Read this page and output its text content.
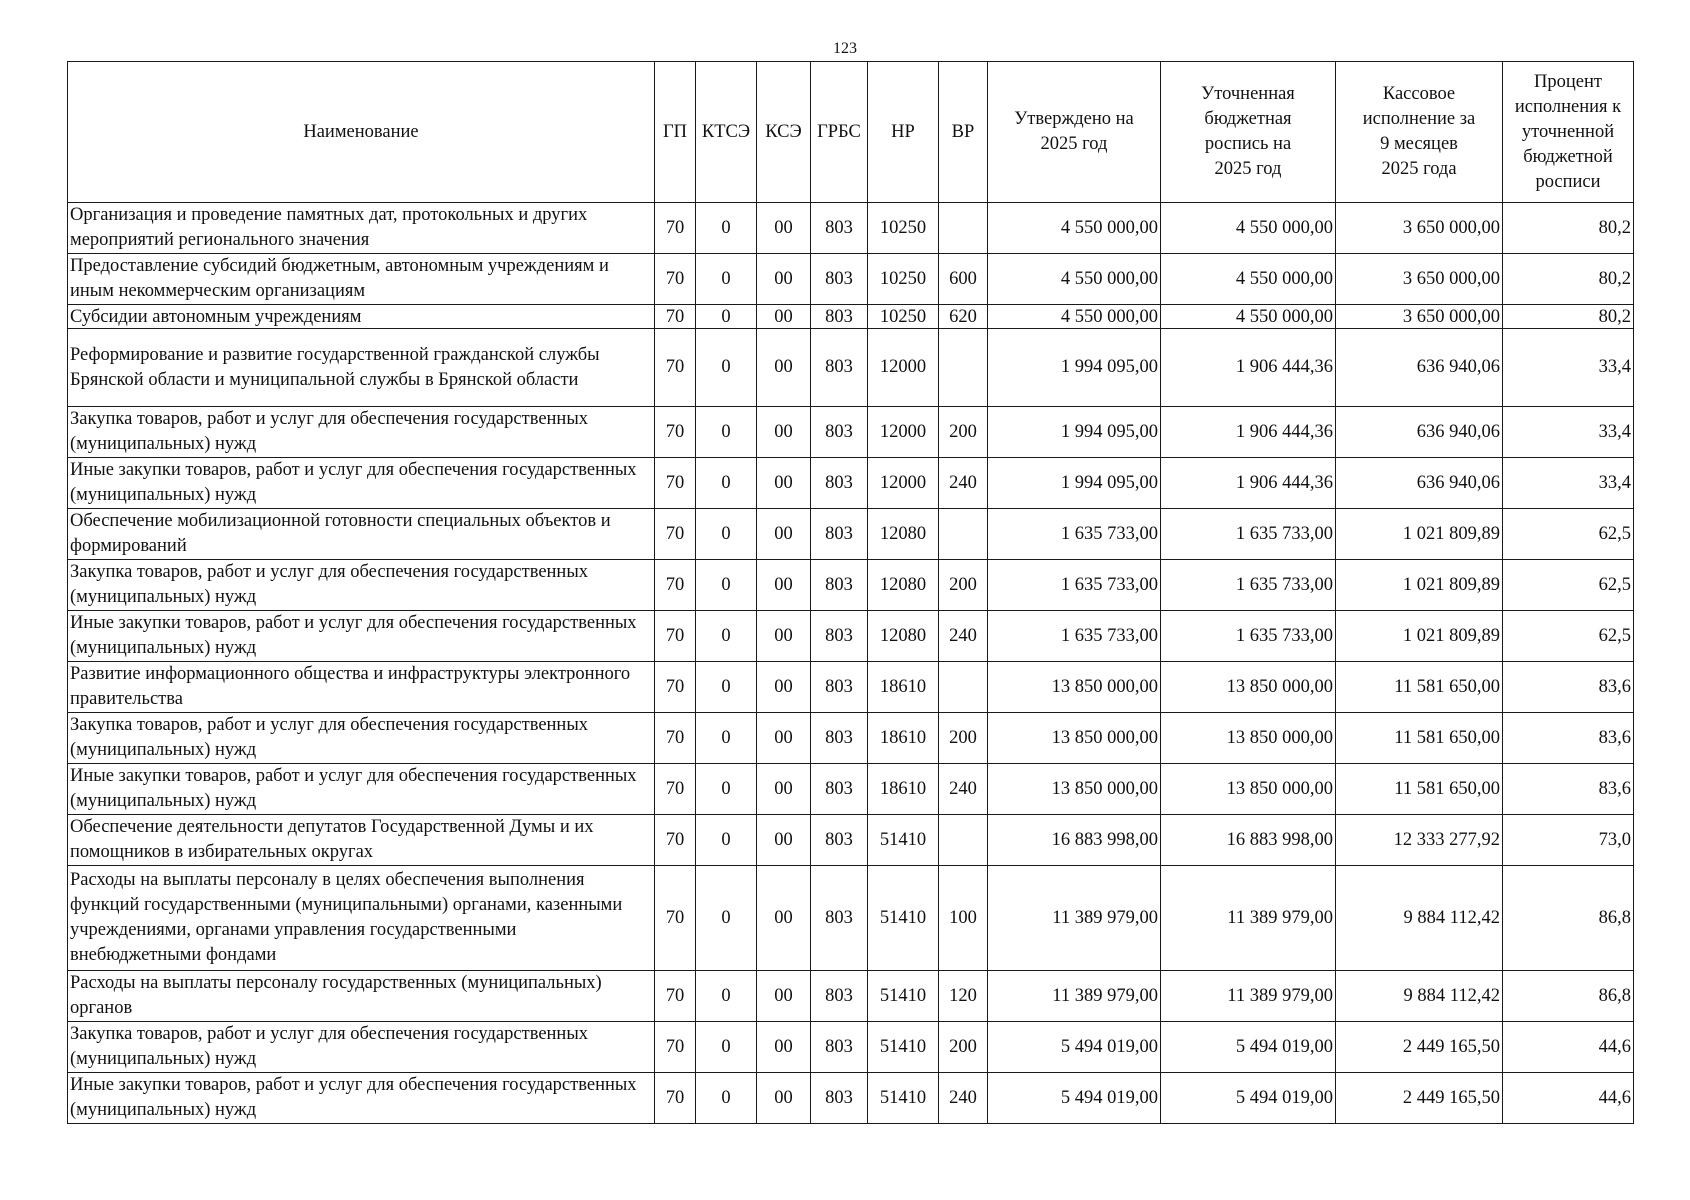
123
Наименование	ГП	КТСЭ	КСЭ	ГРБС	НР	ВР	Утверждено на 2025 год	Уточненная бюджетная роспись на 2025 год	Кассовое исполнение за 9 месяцев 2025 года	Процент исполнения к уточненной бюджетной росписи
Организация и проведение памятных дат, протокольных и других мероприятий регионального значения	70	0	00	803	10250		4 550 000,00	4 550 000,00	3 650 000,00	80,2
Предоставление субсидий бюджетным, автономным учреждениям и иным некоммерческим организациям	70	0	00	803	10250	600	4 550 000,00	4 550 000,00	3 650 000,00	80,2
Субсидии автономным учреждениям	70	0	00	803	10250	620	4 550 000,00	4 550 000,00	3 650 000,00	80,2
Реформирование и развитие государственной гражданской службы Брянской области и муниципальной службы в Брянской области	70	0	00	803	12000		1 994 095,00	1 906 444,36	636 940,06	33,4
Закупка товаров, работ и услуг для обеспечения государственных (муниципальных) нужд	70	0	00	803	12000	200	1 994 095,00	1 906 444,36	636 940,06	33,4
Иные закупки товаров, работ и услуг для обеспечения государственных (муниципальных) нужд	70	0	00	803	12000	240	1 994 095,00	1 906 444,36	636 940,06	33,4
Обеспечение мобилизационной готовности специальных объектов и формирований	70	0	00	803	12080		1 635 733,00	1 635 733,00	1 021 809,89	62,5
Закупка товаров, работ и услуг для обеспечения государственных (муниципальных) нужд	70	0	00	803	12080	200	1 635 733,00	1 635 733,00	1 021 809,89	62,5
Иные закупки товаров, работ и услуг для обеспечения государственных (муниципальных) нужд	70	0	00	803	12080	240	1 635 733,00	1 635 733,00	1 021 809,89	62,5
Развитие информационного общества и инфраструктуры электронного правительства	70	0	00	803	18610		13 850 000,00	13 850 000,00	11 581 650,00	83,6
Закупка товаров, работ и услуг для обеспечения государственных (муниципальных) нужд	70	0	00	803	18610	200	13 850 000,00	13 850 000,00	11 581 650,00	83,6
Иные закупки товаров, работ и услуг для обеспечения государственных (муниципальных) нужд	70	0	00	803	18610	240	13 850 000,00	13 850 000,00	11 581 650,00	83,6
Обеспечение деятельности депутатов Государственной Думы и их помощников в избирательных округах	70	0	00	803	51410		16 883 998,00	16 883 998,00	12 333 277,92	73,0
Расходы на выплаты персоналу в целях обеспечения выполнения функций государственными (муниципальными) органами, казенными учреждениями, органами управления государственными внебюджетными фондами	70	0	00	803	51410	100	11 389 979,00	11 389 979,00	9 884 112,42	86,8
Расходы на выплаты персоналу государственных (муниципальных) органов	70	0	00	803	51410	120	11 389 979,00	11 389 979,00	9 884 112,42	86,8
Закупка товаров, работ и услуг для обеспечения государственных (муниципальных) нужд	70	0	00	803	51410	200	5 494 019,00	5 494 019,00	2 449 165,50	44,6
Иные закупки товаров, работ и услуг для обеспечения государственных (муниципальных) нужд	70	0	00	803	51410	240	5 494 019,00	5 494 019,00	2 449 165,50	44,6
